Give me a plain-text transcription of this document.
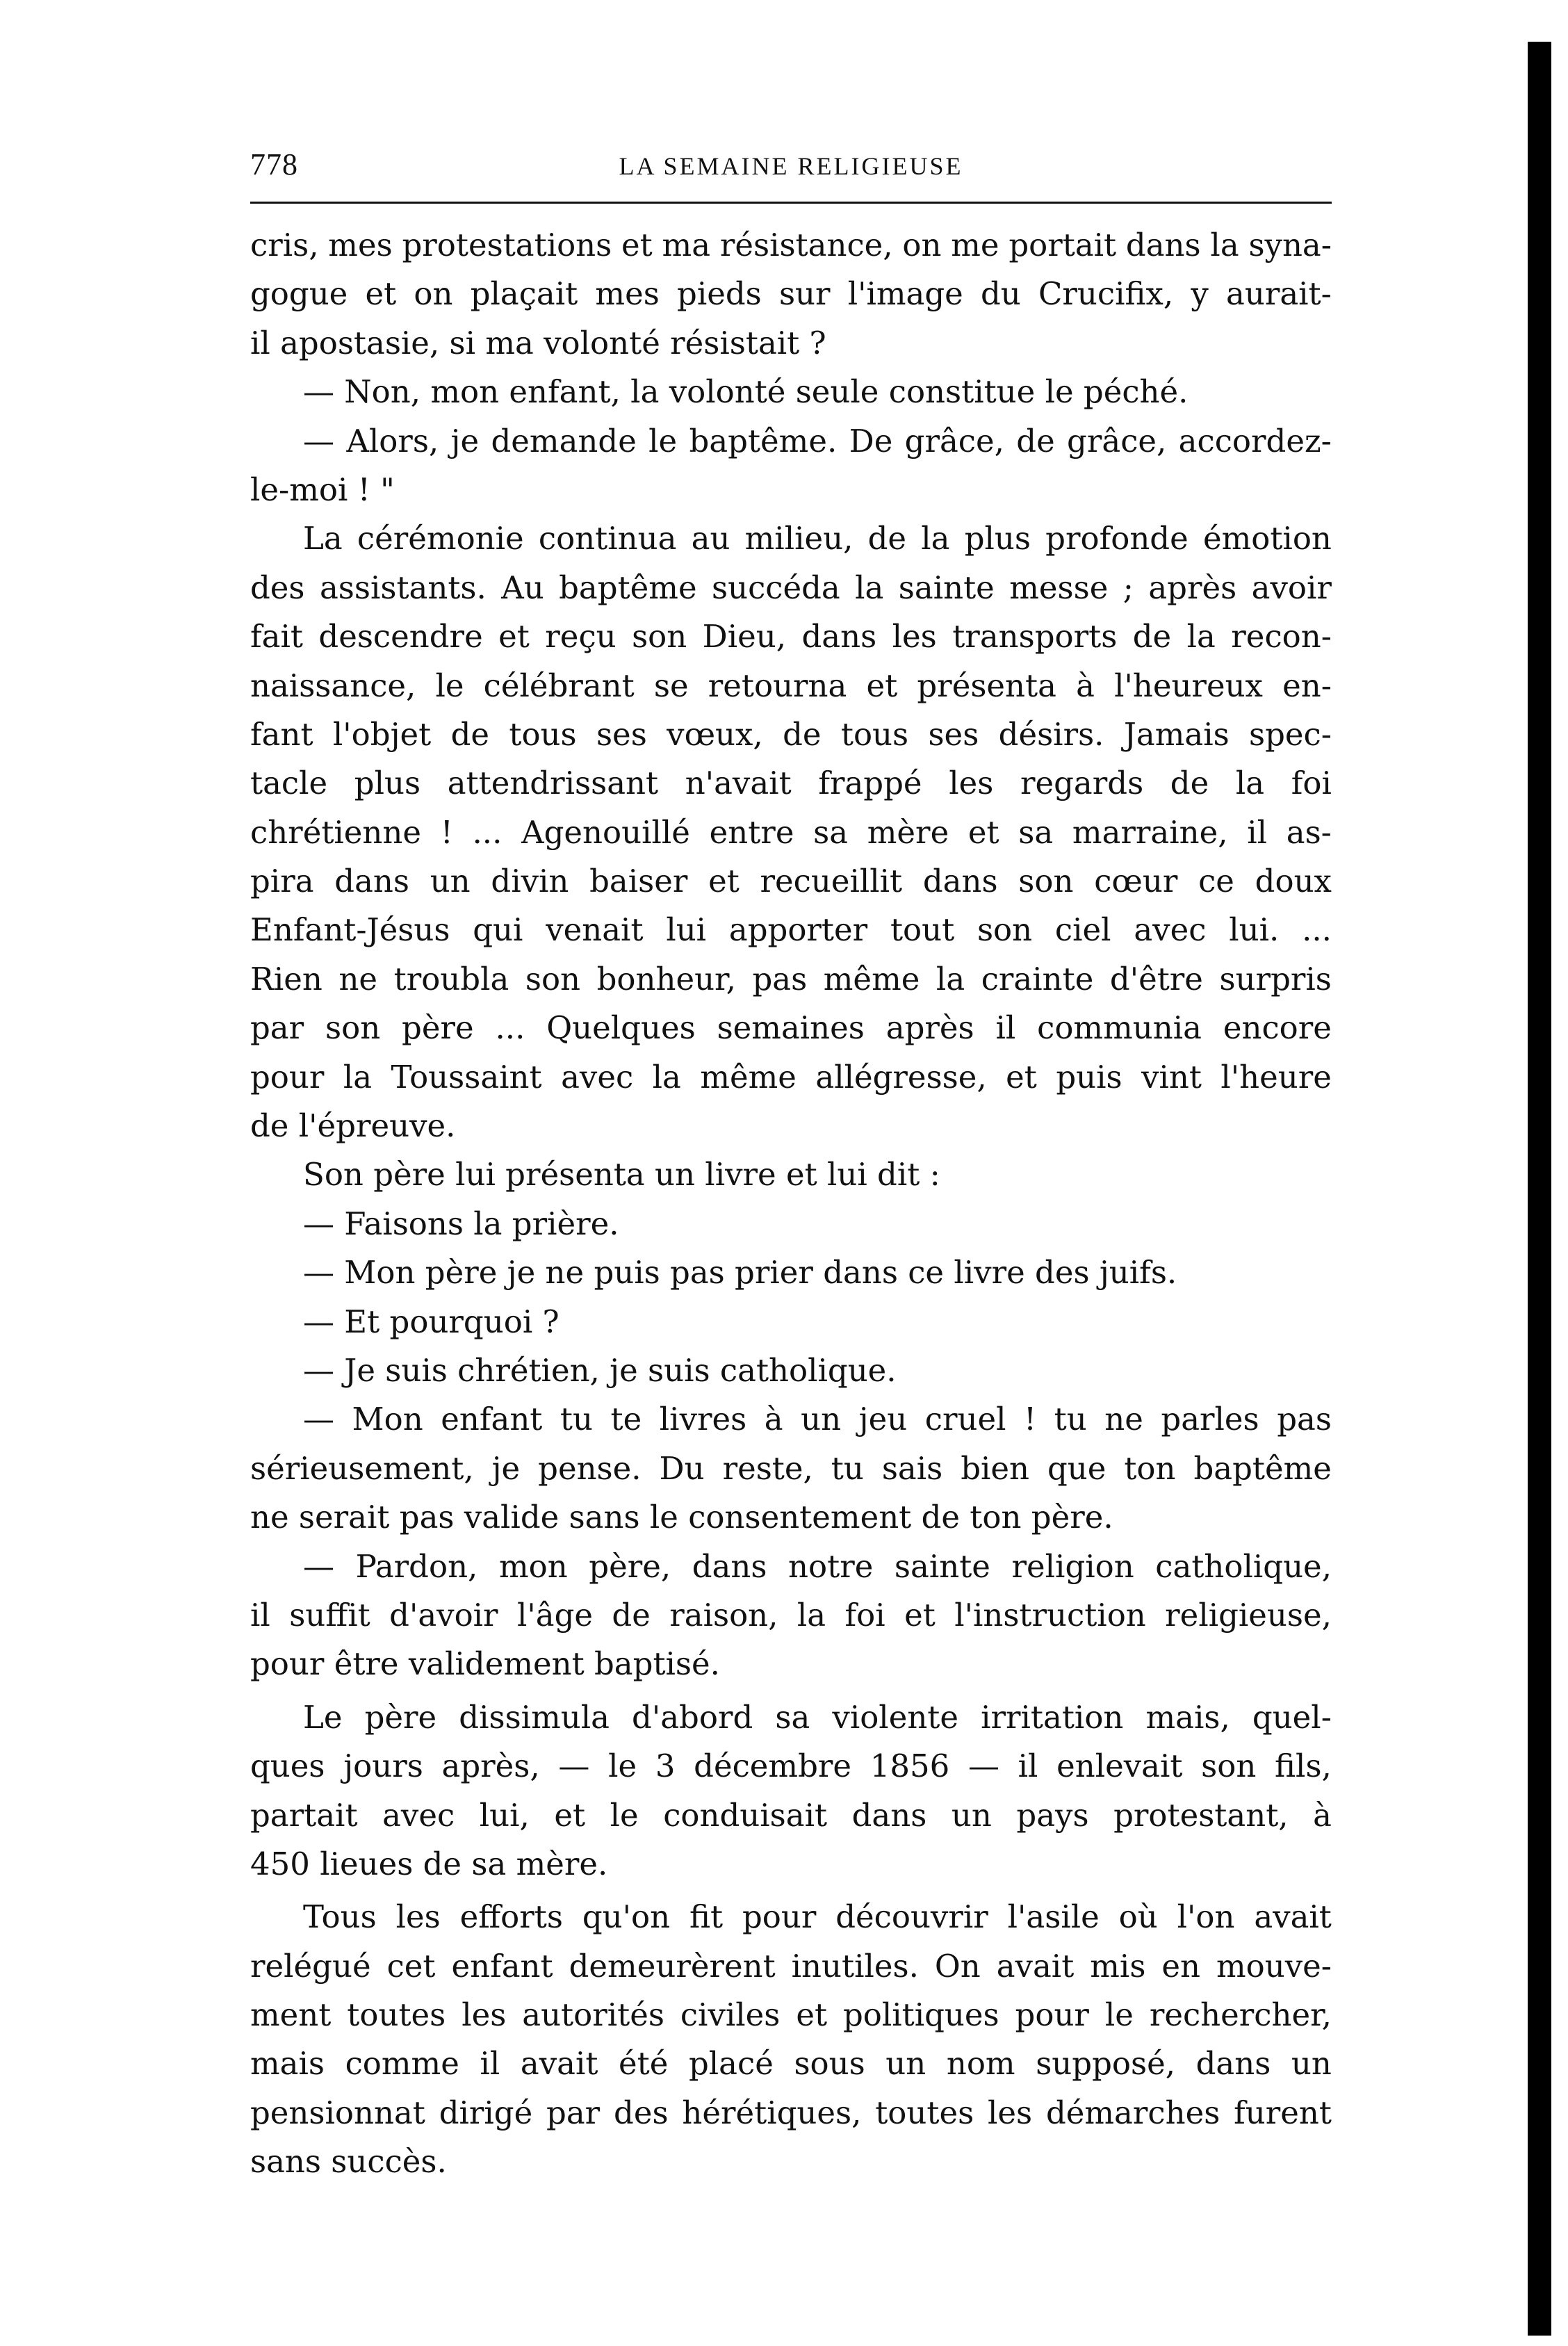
778	LA SEMAINE RELIGIEUSE
cris, mes protestations et ma résistance, on me portait dans la syna-
gogue et on plaçait mes pieds sur l'image du Crucifix, y aurait-
il apostasie, si ma volonté résistait ?
— Non, mon enfant, la volonté seule constitue le péché.
— Alors, je demande le baptême. De grâce, de grâce, accordez-
le-moi ! "
La cérémonie continua au milieu, de la plus profonde émotion
des assistants. Au baptême succéda la sainte messe ; après avoir
fait descendre et reçu son Dieu, dans les transports de la recon-
naissance, le célébrant se retourna et présenta à l'heureux en-
fant l'objet de tous ses vœux, de tous ses désirs. Jamais spec-
tacle plus attendrissant n'avait frappé les regards de la foi
chrétienne ! ... Agenouillé entre sa mère et sa marraine, il as-
pira dans un divin baiser et recueillit dans son cœur ce doux
Enfant-Jésus qui venait lui apporter tout son ciel avec lui. ...
Rien ne troubla son bonheur, pas même la crainte d'être surpris
par son père ... Quelques semaines après il communia encore
pour la Toussaint avec la même allégresse, et puis vint l'heure
de l'épreuve.
Son père lui présenta un livre et lui dit :
— Faisons la prière.
— Mon père je ne puis pas prier dans ce livre des juifs.
— Et pourquoi ?
— Je suis chrétien, je suis catholique.
— Mon enfant tu te livres à un jeu cruel ! tu ne parles pas
sérieusement, je pense. Du reste, tu sais bien que ton baptême
ne serait pas valide sans le consentement de ton père.
— Pardon, mon père, dans notre sainte religion catholique,
il suffit d'avoir l'âge de raison, la foi et l'instruction religieuse,
pour être validement baptisé.
Le père dissimula d'abord sa violente irritation mais, quel-
ques jours après, — le 3 décembre 1856 — il enlevait son fils,
partait avec lui, et le conduisait dans un pays protestant, à
450 lieues de sa mère.
Tous les efforts qu'on fit pour découvrir l'asile où l'on avait
relégué cet enfant demeurèrent inutiles. On avait mis en mouve-
ment toutes les autorités civiles et politiques pour le rechercher,
mais comme il avait été placé sous un nom supposé, dans un
pensionnat dirigé par des hérétiques, toutes les démarches furent
sans succès.
